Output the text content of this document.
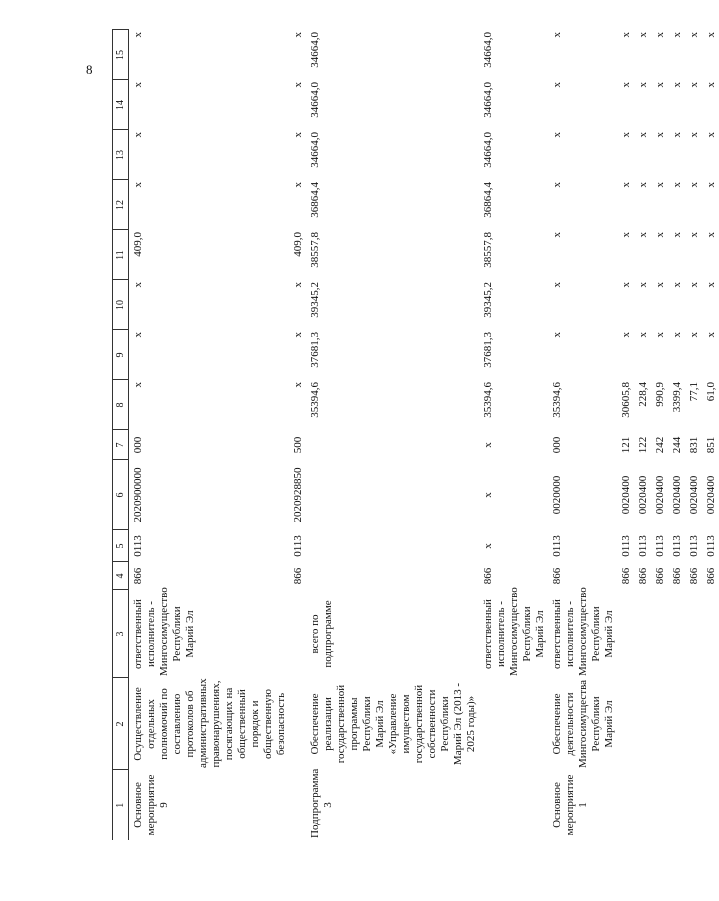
8
1	2	3	4	5	6	7	8	9	10	11	12	13	14	15
Основное мероприятие 9	Осуществление отдельных полномочий по составлению протоколов об административных правонарушениях, посягающих на общественный порядок и общественную безопасность	ответственный исполнитель - Мингосимущество Республики Марий Эл	866	0113	2020900000	000	x	x	x	409,0	x	x	x	x
			866	0113	2020928850	500	x	x	x	409,0	x	x	x	x
Подпрограмма 3	Обеспечение реализации государственной программы Республики Марий Эл «Управление имуществом государственной собственности Республики Марий Эл (2013 - 2025 годы)»	всего по подпрограмме					35394,6	37681,3	39345,2	38557,8	36864,4	34664,0	34664,0	34664,0
		ответственный исполнитель - Мингосимущество Республики Марий Эл	866	x	x	x	35394,6	37681,3	39345,2	38557,8	36864,4	34664,0	34664,0	34664,0
Основное мероприятие 1	Обеспечение деятельности Мингосимущества Республики Марий Эл	ответственный исполнитель - Мингосимущество Республики Марий Эл	866	0113	0020000	000	35394,6	x	x	x	x	x	x	x
			866	0113	0020400	121	30605,8	x	x	x	x	x	x	x
			866	0113	0020400	122	228,4	x	x	x	x	x	x	x
			866	0113	0020400	242	990,9	x	x	x	x	x	x	x
			866	0113	0020400	244	3399,4	x	x	x	x	x	x	x
			866	0113	0020400	831	77,1	x	x	x	x	x	x	x
			866	0113	0020400	851	61,0	x	x	x	x	x	x	x
